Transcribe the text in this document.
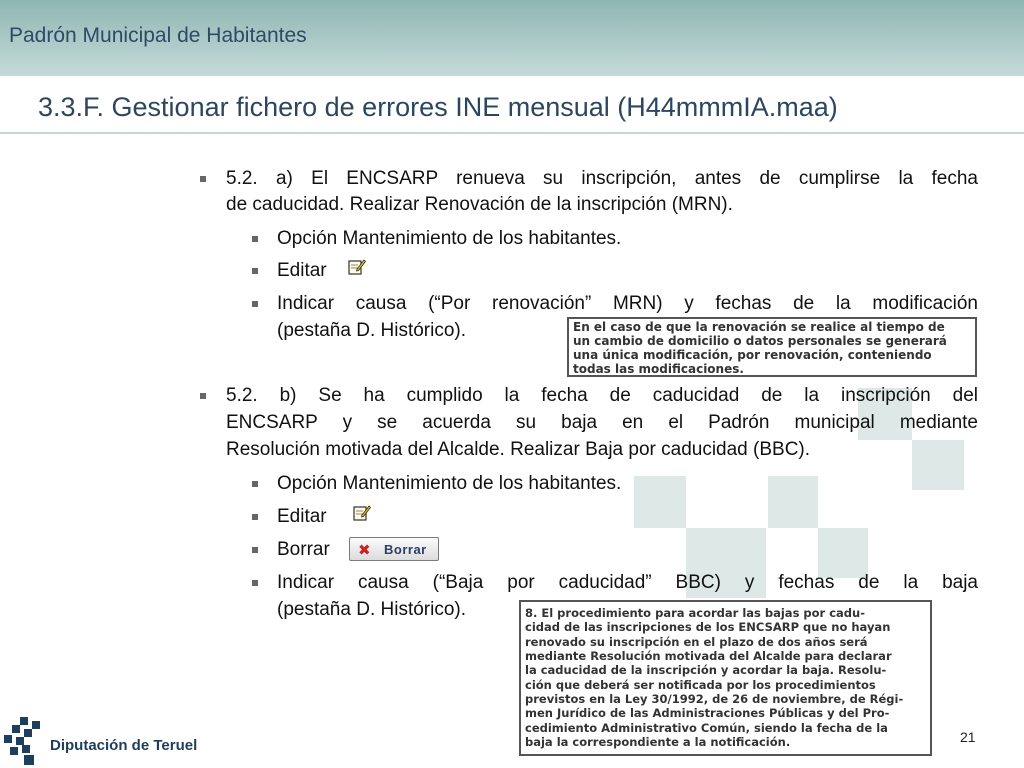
Padrón Municipal de Habitantes
3.3.F. Gestionar fichero de errores INE mensual (H44mmmIA.maa)
5.2. a) El ENCSARP renueva su inscripción, antes de cumplirse la fecha
de caducidad. Realizar Renovación de la inscripción (MRN).
Opción Mantenimiento de los habitantes.
Editar
Indicar causa (“Por renovación” MRN) y fechas de la modificación
(pestaña D. Histórico).	En el caso de que la renovación se realice al tiempo de
un cambio de domicilio o datos personales se generará
una única modificación, por renovación, conteniendo
todas las modificaciones.
5.2. b) Se ha cumplido la fecha de caducidad de la inscripción del
ENCSARP y se acuerda su baja en el Padrón municipal mediante
Resolución motivada del Alcalde. Realizar Baja por caducidad (BBC).
Opción Mantenimiento de los habitantes.
Editar
Borrar ✖ Borrar
Indicar causa (“Baja por caducidad” BBC) y fechas de la baja
(pestaña D. Histórico).	8. El procedimiento para acordar las bajas por cadu-
cidad de las inscripciones de los ENCSARP que no hayan
renovado su inscripción en el plazo de dos años será
mediante Resolución motivada del Alcalde para declarar
la caducidad de la inscripción y acordar la baja. Resolu-
ción que deberá ser notificada por los procedimientos
previstos en la Ley 30/1992, de 26 de noviembre, de Régi-
men Jurídico de las Administraciones Públicas y del Pro-
cedimiento Administrativo Común, siendo la fecha de la
baja la correspondiente a la notificación.
Diputación de Teruel	21
